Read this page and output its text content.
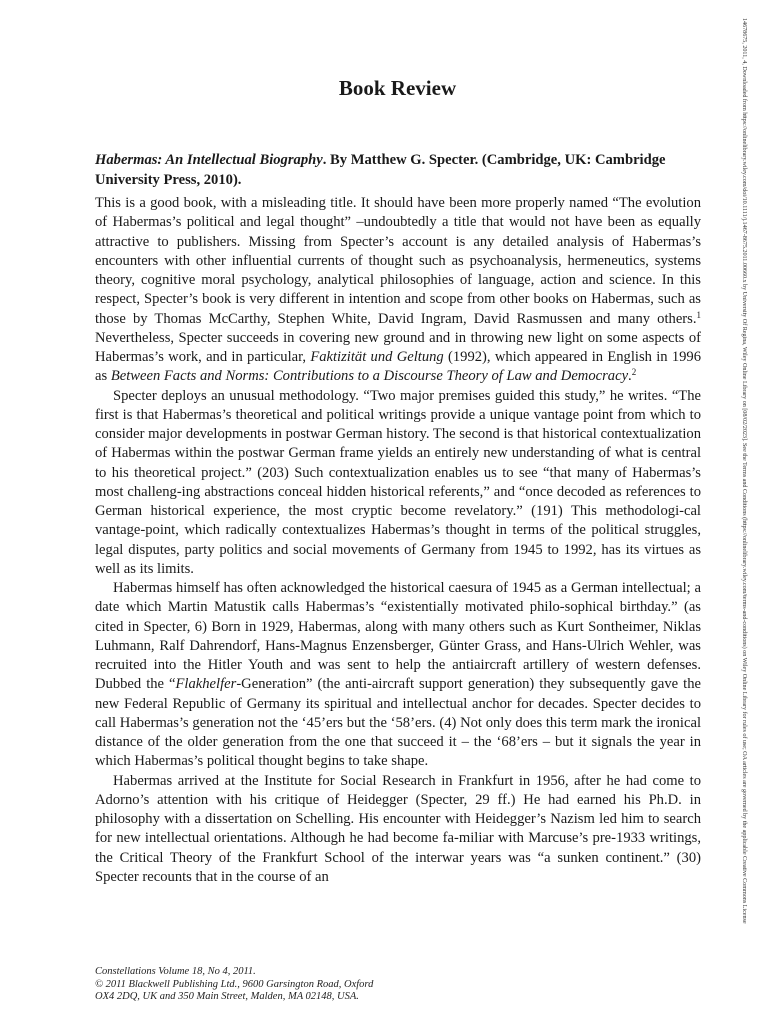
14678675, 2011, 4, Downloaded from https://onlinelibrary.wiley.com/doi/10.1111/j.1467-8675.2011.00660.x by University Of Regina, Wiley Online Library on [08/02/2023]. See the Terms and Conditions (https://onlinelibrary.wiley.com/terms-and-conditions) on Wiley Online Library for rules of use; OA articles are governed by the applicable Creative Commons License
Book Review
Habermas: An Intellectual Biography. By Matthew G. Specter. (Cambridge, UK: Cambridge University Press, 2010).

This is a good book, with a misleading title. It should have been more properly named “The evolution of Habermas’s political and legal thought” –undoubtedly a title that would not have been as equally attractive to publishers. Missing from Specter’s account is any detailed analysis of Habermas’s encounters with other influential currents of thought such as psychoanalysis, hermeneutics, systems theory, cognitive moral psychology, analytical philosophies of language, action and science. In this respect, Specter’s book is very different in intention and scope from other books on Habermas, such as those by Thomas McCarthy, Stephen White, David Ingram, David Rasmussen and many others.$^1$ Nevertheless, Specter succeeds in covering new ground and in throwing new light on some aspects of Habermas’s work, and in particular, Faktizität und Geltung (1992), which appeared in English in 1996 as Between Facts and Norms: Contributions to a Discourse Theory of Law and Democracy.$^2$

Specter deploys an unusual methodology. “Two major premises guided this study,” he writes. “The first is that Habermas’s theoretical and political writings provide a unique vantage point from which to consider major developments in postwar German history. The second is that historical contextualization of Habermas within the postwar German frame yields an entirely new understanding of what is central to his theoretical project.” (203) Such contextualization enables us to see “that many of Habermas’s most challeng-ing abstractions conceal hidden historical referents,” and “once decoded as references to German historical experience, the most cryptic become revelatory.” (191) This methodologi-cal vantage-point, which radically contextualizes Habermas’s thought in terms of the political struggles, legal disputes, party politics and social movements of Germany from 1945 to 1992, has its virtues as well as its limits.

Habermas himself has often acknowledged the historical caesura of 1945 as a German intellectual; a date which Martin Matustik calls Habermas’s “existentially motivated philo-sophical birthday.” (as cited in Specter, 6) Born in 1929, Habermas, along with many others such as Kurt Sontheimer, Niklas Luhmann, Ralf Dahrendorf, Hans-Magnus Enzensberger, Günter Grass, and Hans-Ulrich Wehler, was recruited into the Hitler Youth and was sent to help the antiaircraft artillery of western defenses. Dubbed the “Flakhelfer-Generation” (the anti-aircraft support generation) they subsequently gave the new Federal Republic of Germany its spiritual and intellectual anchor for decades. Specter decides to call Habermas’s generation not the ‘45’ers but the ‘58’ers. (4) Not only does this term mark the ironical distance of the older generation from the one that succeed it – the ‘68’ers – but it signals the year in which Habermas’s political thought begins to take shape.

Habermas arrived at the Institute for Social Research in Frankfurt in 1956, after he had come to Adorno’s attention with his critique of Heidegger (Specter, 29 ff.) He had earned his Ph.D. in philosophy with a dissertation on Schelling. His encounter with Heidegger’s Nazism led him to search for new intellectual orientations. Although he had become fa-miliar with Marcuse’s pre-1933 writings, the Critical Theory of the Frankfurt School of the interwar years was “a sunken continent.” (30) Specter recounts that in the course of an

Constellations Volume 18, No 4, 2011.
© 2011 Blackwell Publishing Ltd., 9600 Garsington Road, Oxford
OX4 2DQ, UK and 350 Main Street, Malden, MA 02148, USA.
